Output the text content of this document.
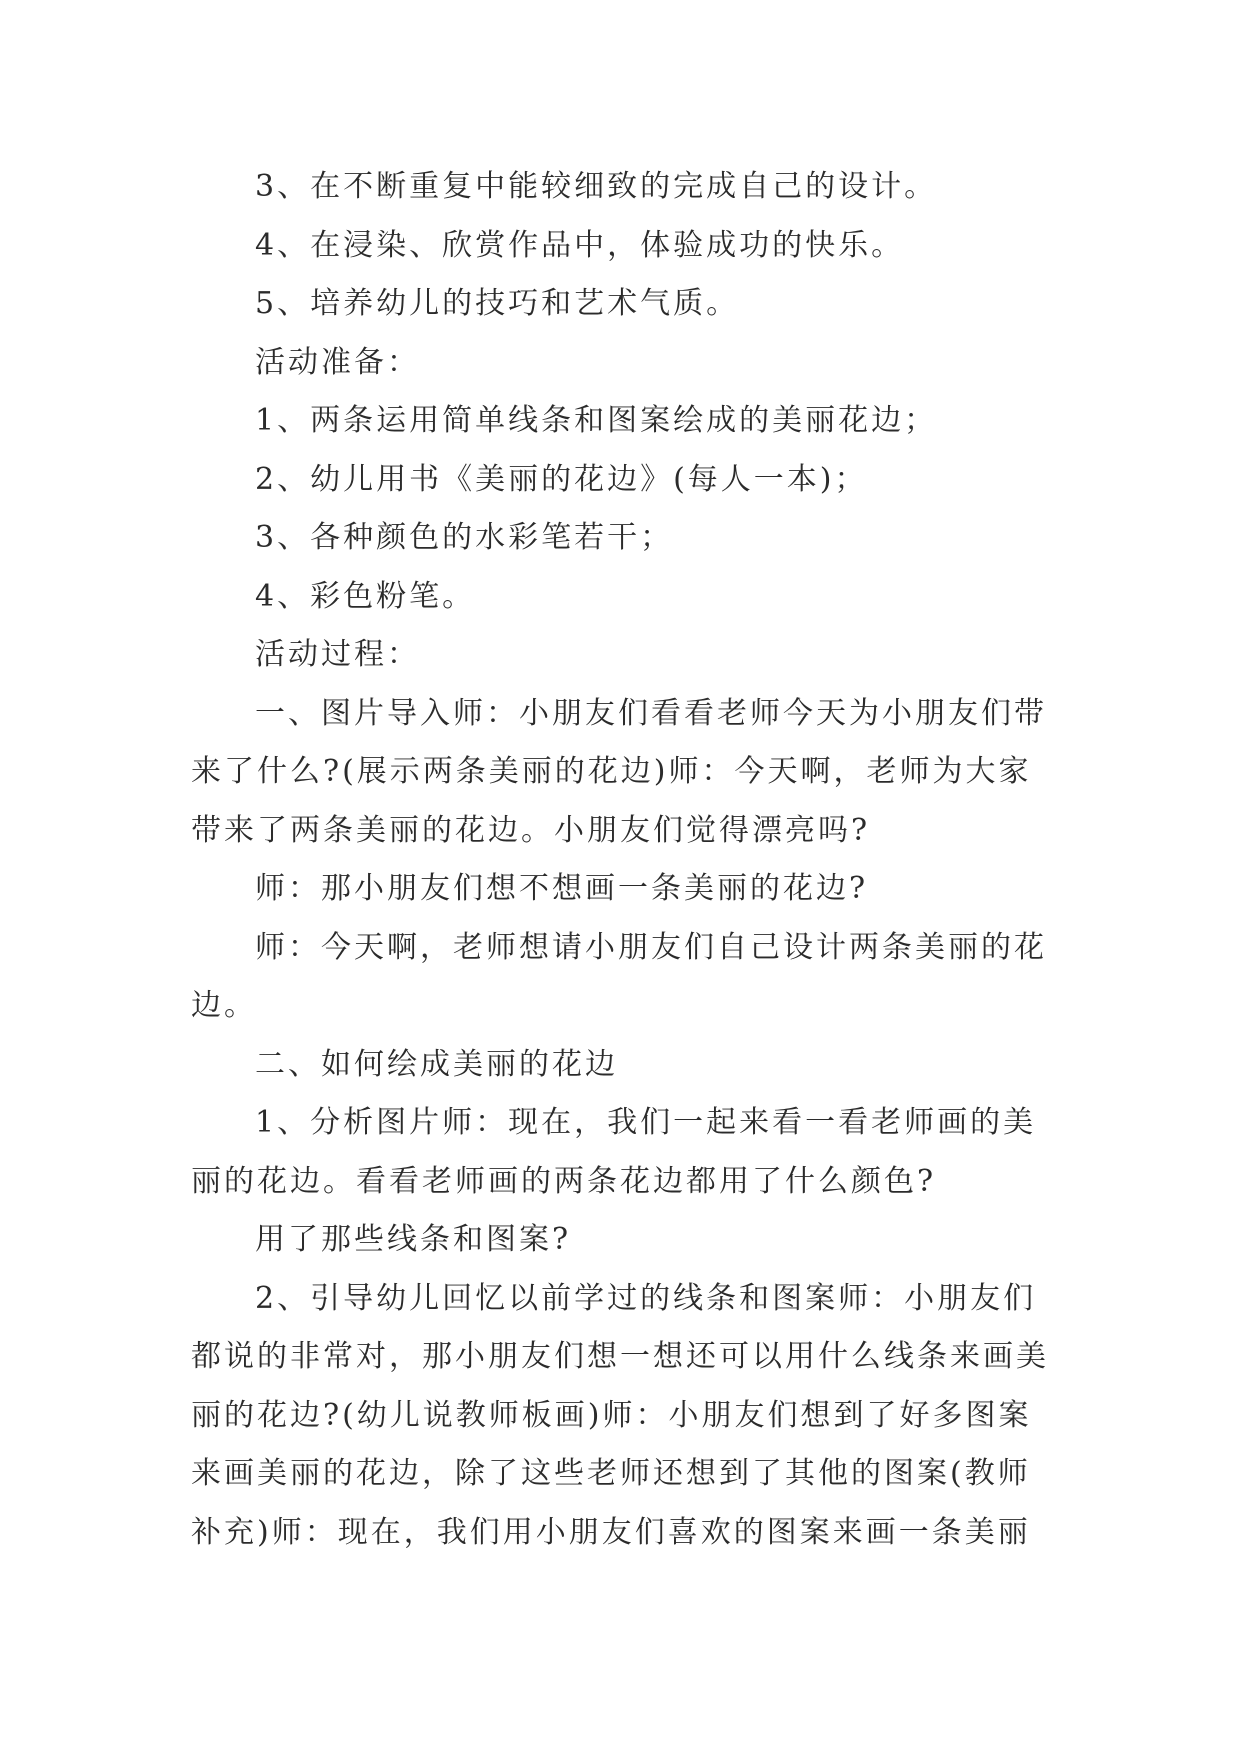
3、在不断重复中能较细致的完成自己的设计。
4、在浸染、欣赏作品中，体验成功的快乐。
5、培养幼儿的技巧和艺术气质。
活动准备：
1、两条运用简单线条和图案绘成的美丽花边；
2、幼儿用书《美丽的花边》(每人一本)；
3、各种颜色的水彩笔若干；
4、彩色粉笔。
活动过程：
一、图片导入师：小朋友们看看老师今天为小朋友们带
来了什么?(展示两条美丽的花边)师：今天啊，老师为大家
带来了两条美丽的花边。小朋友们觉得漂亮吗?
师：那小朋友们想不想画一条美丽的花边?
师：今天啊，老师想请小朋友们自己设计两条美丽的花
边。
二、如何绘成美丽的花边
1、分析图片师：现在，我们一起来看一看老师画的美
丽的花边。看看老师画的两条花边都用了什么颜色?
用了那些线条和图案?
2、引导幼儿回忆以前学过的线条和图案师：小朋友们
都说的非常对，那小朋友们想一想还可以用什么线条来画美
丽的花边?(幼儿说教师板画)师：小朋友们想到了好多图案
来画美丽的花边，除了这些老师还想到了其他的图案(教师
补充)师：现在，我们用小朋友们喜欢的图案来画一条美丽
